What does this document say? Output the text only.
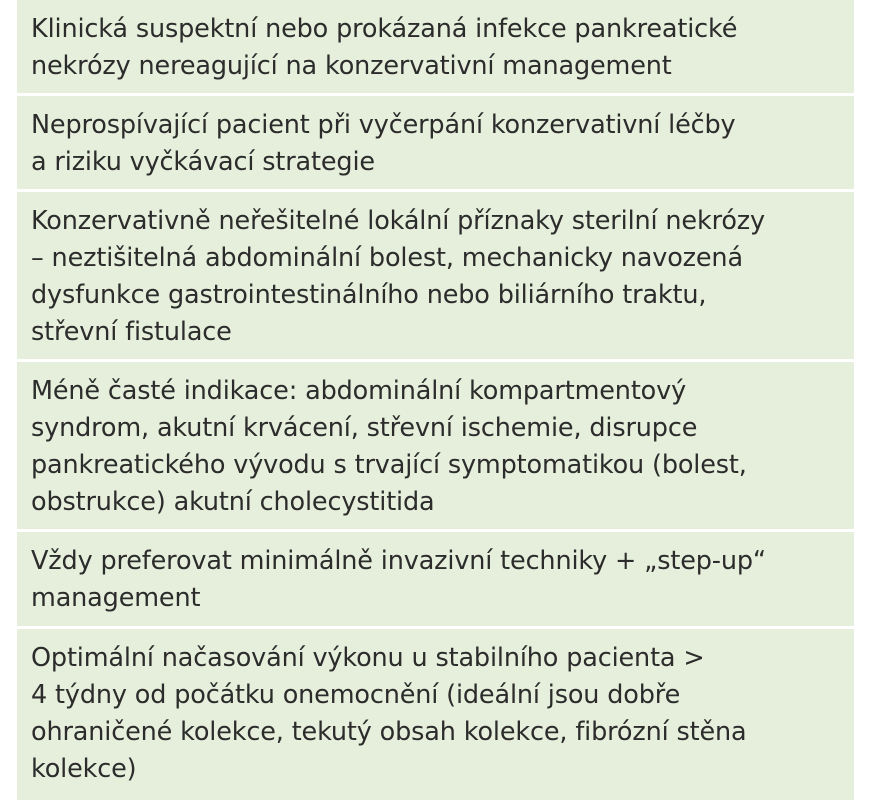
Klinická suspektní nebo prokázaná infekce pankreatické
nekrózy nereagující na konzervativní management
Neprospívající pacient při vyčerpání konzervativní léčby
a riziku vyčkávací strategie
Konzervativně neřešitelné lokální příznaky sterilní nekrózy
– neztišitelná abdominální bolest, mechanicky navozená
dysfunkce gastrointestinálního nebo biliárního traktu,
střevní fistulace
Méně časté indikace: abdominální kompartmentový
syndrom, akutní krvácení, střevní ischemie, disrupce
pankreatického vývodu s trvající symptomatikou (bolest,
obstrukce) akutní cholecystitida
Vždy preferovat minimálně invazivní techniky + „step-up“
management
Optimální načasování výkonu u stabilního pacienta >
4 týdny od počátku onemocnění (ideální jsou dobře
ohraničené kolekce, tekutý obsah kolekce, fibrózní stěna
kolekce)
